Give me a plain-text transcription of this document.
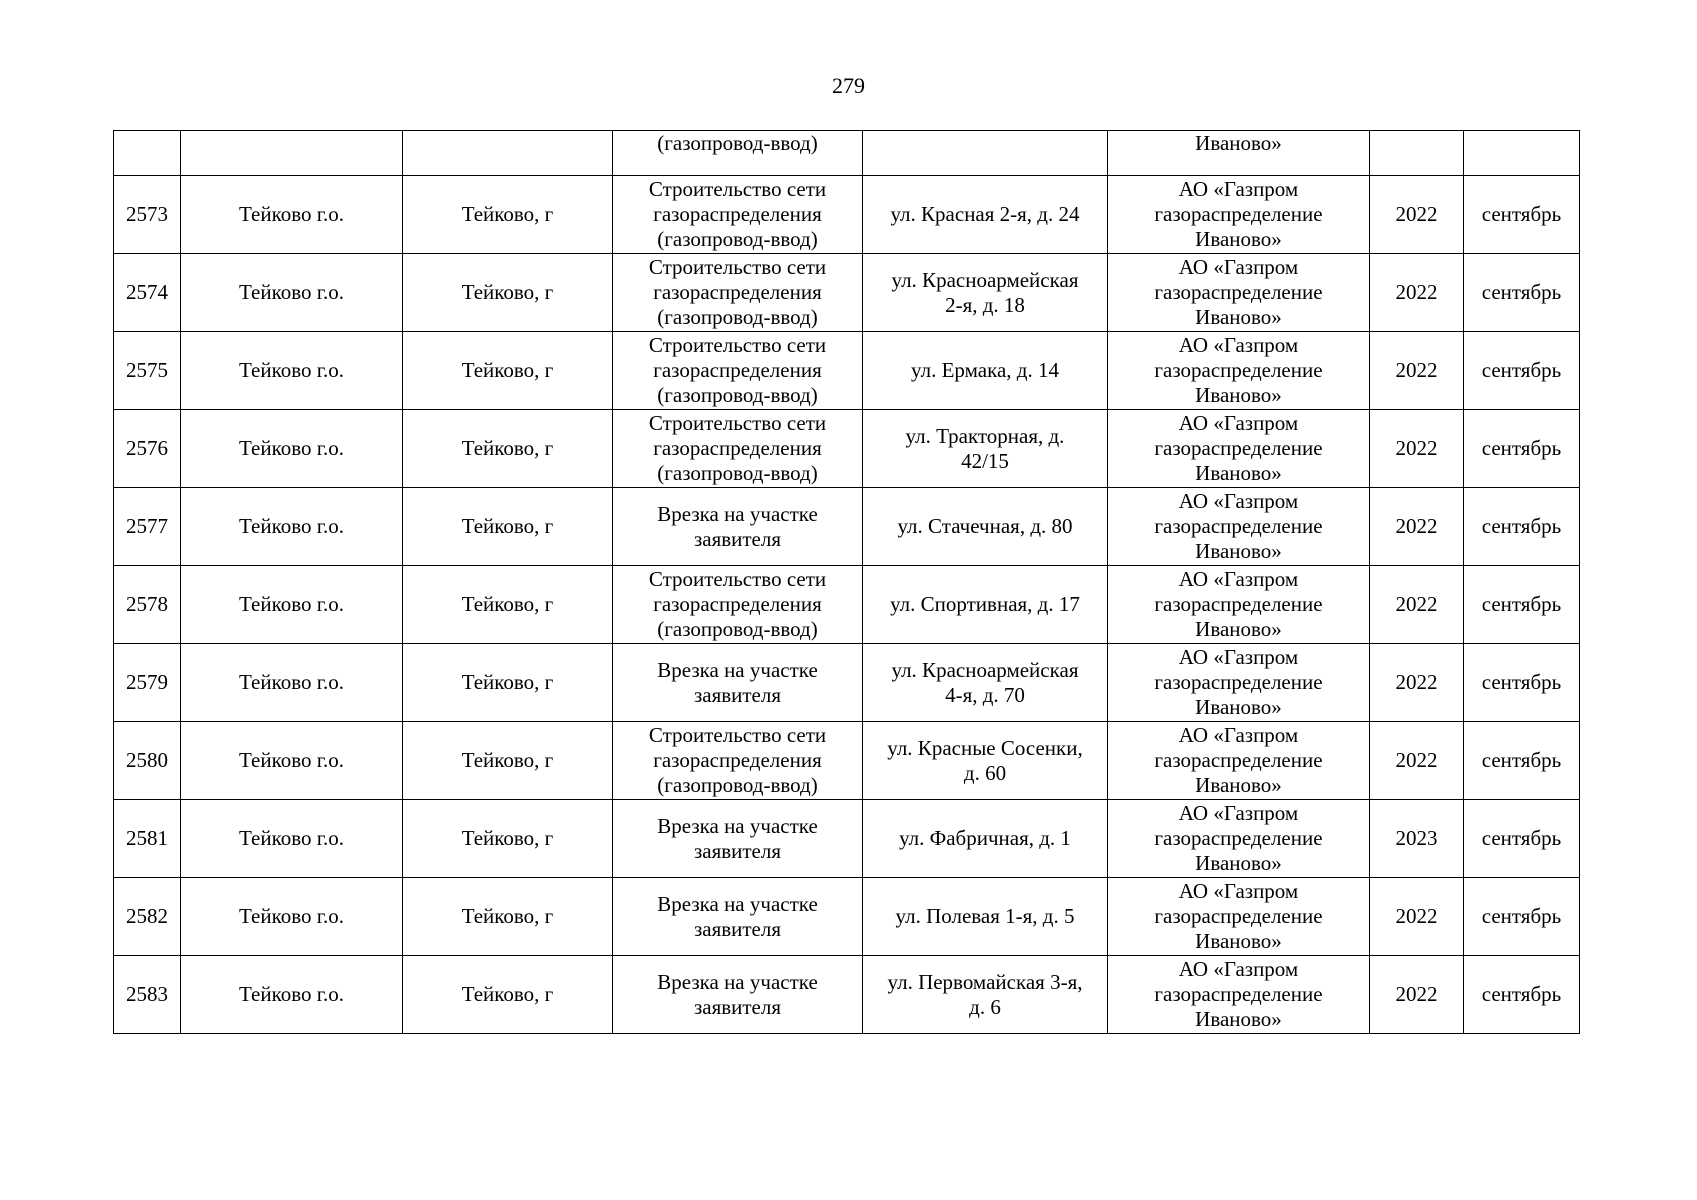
279
			(газопровод-ввод)		Иваново»		
2573	Тейково г.о.	Тейково, г	Строительство сети
газораспределения
(газопровод-ввод)	ул. Красная 2-я, д. 24	АО «Газпром
газораспределение
Иваново»	2022	сентябрь
2574	Тейково г.о.	Тейково, г	Строительство сети
газораспределения
(газопровод-ввод)	ул. Красноармейская
2-я, д. 18	АО «Газпром
газораспределение
Иваново»	2022	сентябрь
2575	Тейково г.о.	Тейково, г	Строительство сети
газораспределения
(газопровод-ввод)	ул. Ермака, д. 14	АО «Газпром
газораспределение
Иваново»	2022	сентябрь
2576	Тейково г.о.	Тейково, г	Строительство сети
газораспределения
(газопровод-ввод)	ул. Тракторная, д.
42/15	АО «Газпром
газораспределение
Иваново»	2022	сентябрь
2577	Тейково г.о.	Тейково, г	Врезка на участке
заявителя	ул. Стачечная, д. 80	АО «Газпром
газораспределение
Иваново»	2022	сентябрь
2578	Тейково г.о.	Тейково, г	Строительство сети
газораспределения
(газопровод-ввод)	ул. Спортивная, д. 17	АО «Газпром
газораспределение
Иваново»	2022	сентябрь
2579	Тейково г.о.	Тейково, г	Врезка на участке
заявителя	ул. Красноармейская
4-я, д. 70	АО «Газпром
газораспределение
Иваново»	2022	сентябрь
2580	Тейково г.о.	Тейково, г	Строительство сети
газораспределения
(газопровод-ввод)	ул. Красные Сосенки,
д. 60	АО «Газпром
газораспределение
Иваново»	2022	сентябрь
2581	Тейково г.о.	Тейково, г	Врезка на участке
заявителя	ул. Фабричная, д. 1	АО «Газпром
газораспределение
Иваново»	2023	сентябрь
2582	Тейково г.о.	Тейково, г	Врезка на участке
заявителя	ул. Полевая 1-я, д. 5	АО «Газпром
газораспределение
Иваново»	2022	сентябрь
2583	Тейково г.о.	Тейково, г	Врезка на участке
заявителя	ул. Первомайская 3-я,
д. 6	АО «Газпром
газораспределение
Иваново»	2022	сентябрь
